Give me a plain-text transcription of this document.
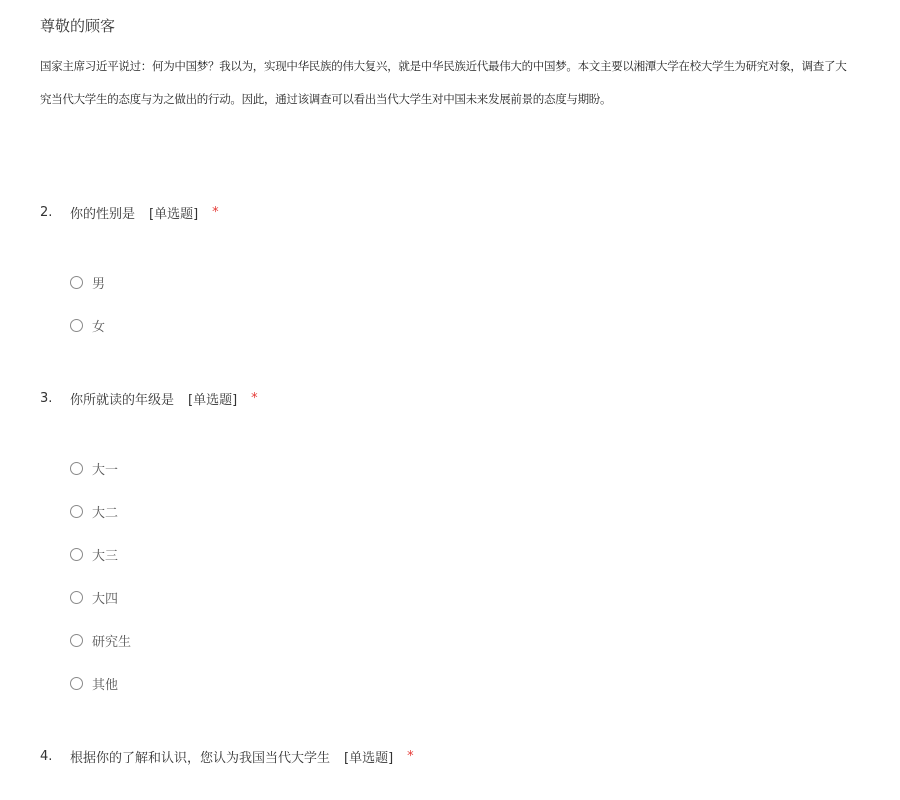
尊敬的顾客
国家主席习近平说过：何为中国梦？我以为，实现中华民族的伟大复兴，就是中华民族近代最伟大的中国梦。本文主要以湘潭大学在校大学生为研究对象，调查了大
究当代大学生的态度与为之做出的行动。因此，通过该调查可以看出当代大学生对中国未来发展前景的态度与期盼。
2.	你的性别是 [单选题] *
男
女
3.	你所就读的年级是 [单选题] *
大一
大二
大三
大四
研究生
其他
4.	根据你的了解和认识，您认为我国当代大学生 [单选题] *
